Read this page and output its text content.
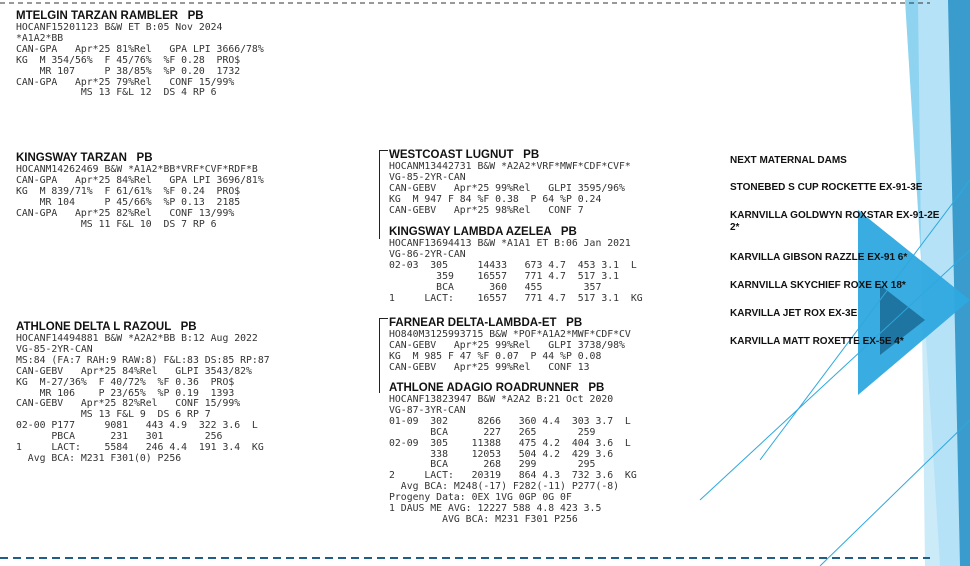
MTELGIN TARZAN RAMBLER   PB
HOCANF15201123 B&W ET B:05 Nov 2024
*A1A2*BB
CAN-GPA   Apr*25 81%Rel   GPA LPI 3666/78%
KG  M 354/56%  F 45/76%  %F 0.28  PRO$
MR 107     P 38/85%  %P 0.20  1732
CAN-GPA   Apr*25 79%Rel   CONF 15/99%
MS 13 F&L 12  DS 4 RP 6
KINGSWAY TARZAN   PB
HOCANM14262469 B&W *A1A2*BB*VRF*CVF*RDF*B
CAN-GPA   Apr*25 84%Rel   GPA LPI 3696/81%
KG  M 839/71%  F 61/61%  %F 0.24  PRO$
MR 104     P 45/66%  %P 0.13  2185
CAN-GPA   Apr*25 82%Rel   CONF 13/99%
MS 11 F&L 10  DS 7 RP 6
ATHLONE DELTA L RAZOUL   PB
HOCANF14494881 B&W *A2A2*BB B:12 Aug 2022
VG-85-2YR-CAN
MS:84 (FA:7 RAH:9 RAW:8) F&L:83 DS:85 RP:87
CAN-GEBV   Apr*25 84%Rel   GLPI 3543/82%
KG  M-27/36%  F 40/72%  %F 0.36  PRO$
MR 106    P 23/65%  %P 0.19  1393
CAN-GEBV   Apr*25 82%Rel   CONF 15/99%
MS 13 F&L 9  DS 6 RP 7
02-00 P177     9081   443 4.9  322 3.6  L
PBCA      231   301       256
1     LACT:    5584   246 4.4  191 3.4  KG
Avg BCA: M231 F301(0) P256
WESTCOAST LUGNUT   PB
HOCANM13442731 B&W *A2A2*VRF*MWF*CDF*CVF*
VG-85-2YR-CAN
CAN-GEBV   Apr*25 99%Rel   GLPI 3595/96%
KG  M 947 F 84 %F 0.38  P 64 %P 0.24
CAN-GEBV   Apr*25 98%Rel   CONF 7
KINGSWAY LAMBDA AZELEA   PB
HOCANF13694413 B&W *A1A1 ET B:06 Jan 2021
VG-86-2YR-CAN
02-03  305     14433   673 4.7  453 3.1  L
359    16557   771 4.7  517 3.1
BCA      360   455       357
1     LACT:    16557   771 4.7  517 3.1  KG
FARNEAR DELTA-LAMBDA-ET   PB
HO840M3125993715 B&W *POF*A1A2*MWF*CDF*CV
CAN-GEBV   Apr*25 99%Rel   GLPI 3738/98%
KG  M 985 F 47 %F 0.07  P 44 %P 0.08
CAN-GEBV   Apr*25 99%Rel   CONF 13
ATHLONE ADAGIO ROADRUNNER   PB
HOCANF13823947 B&W *A2A2 B:21 Oct 2020
VG-87-3YR-CAN
01-09  302     8266   360 4.4  303 3.7  L
BCA      227   265       259
02-09  305    11388   475 4.2  404 3.6  L
338    12053   504 4.2  429 3.6
BCA      268   299       295
2     LACT:   20319   864 4.3  732 3.6  KG
Avg BCA: M248(-17) F282(-11) P277(-8)
Progeny Data: 0EX 1VG 0GP 0G 0F
1 DAUS ME AVG: 12227 588 4.8 423 3.5
AVG BCA: M231 F301 P256
NEXT MATERNAL DAMS
STONEBED S CUP ROCKETTE EX-91-3E
KARNVILLA GOLDWYN ROXSTAR EX-91-2E
2*
KARVILLA GIBSON RAZZLE EX-91 6*
KARNVILLA SKYCHIEF ROXE EX 18*
KARVILLA JET ROX EX-3E
KARVILLA MATT ROXETTE EX-5E 4*
